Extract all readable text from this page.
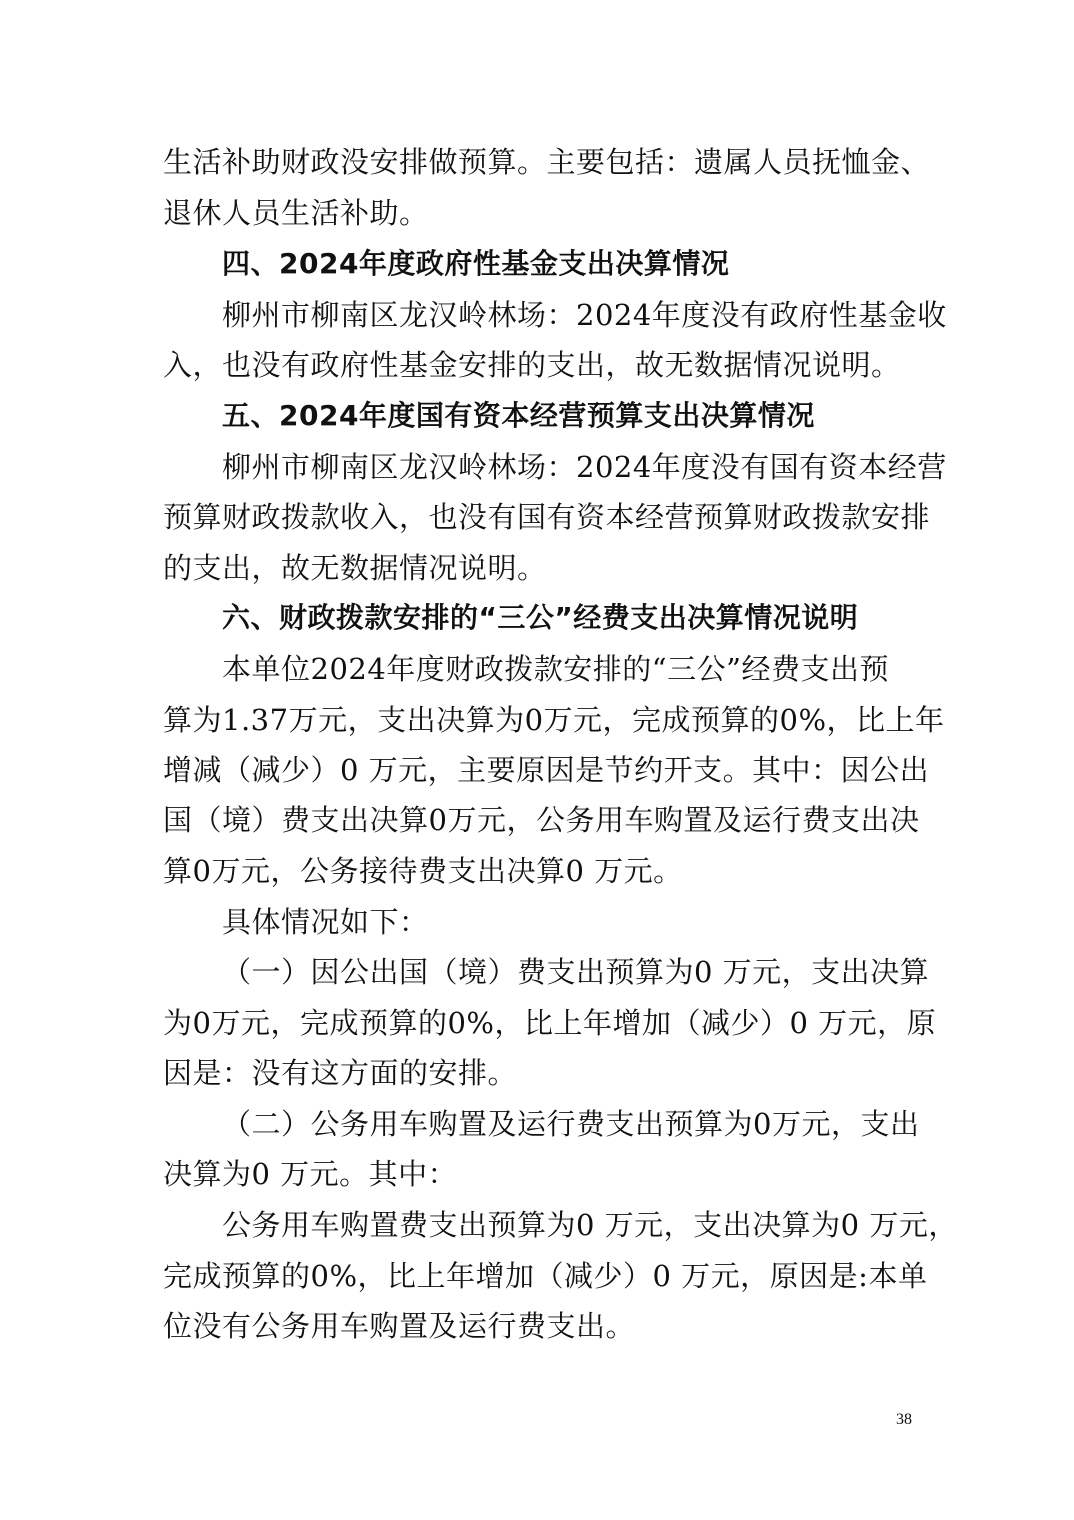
生活补助财政没安排做预算。主要包括：遗属人员抚恤金、
退休人员生活补助。
四、2024年度政府性基金支出决算情况
柳州市柳南区龙汉岭林场：2024年度没有政府性基金收
入，也没有政府性基金安排的支出，故无数据情况说明。
五、2024年度国有资本经营预算支出决算情况
柳州市柳南区龙汉岭林场：2024年度没有国有资本经营
预算财政拨款收入，也没有国有资本经营预算财政拨款安排
的支出，故无数据情况说明。
六、财政拨款安排的“三公”经费支出决算情况说明
本单位2024年度财政拨款安排的“三公”经费支出预
算为1.37万元，支出决算为0万元，完成预算的0%，比上年
增减（减少）0 万元，主要原因是节约开支。其中：因公出
国（境）费支出决算0万元，公务用车购置及运行费支出决
算0万元，公务接待费支出决算0 万元。
具体情况如下：
（一）因公出国（境）费支出预算为0 万元，支出决算
为0万元，完成预算的0%，比上年增加（减少）0 万元，原
因是：没有这方面的安排。
（二）公务用车购置及运行费支出预算为0万元，支出
决算为0 万元。其中：
公务用车购置费支出预算为0 万元，支出决算为0 万元，
完成预算的0%，比上年增加（减少）0 万元，原因是:本单
位没有公务用车购置及运行费支出。
38
